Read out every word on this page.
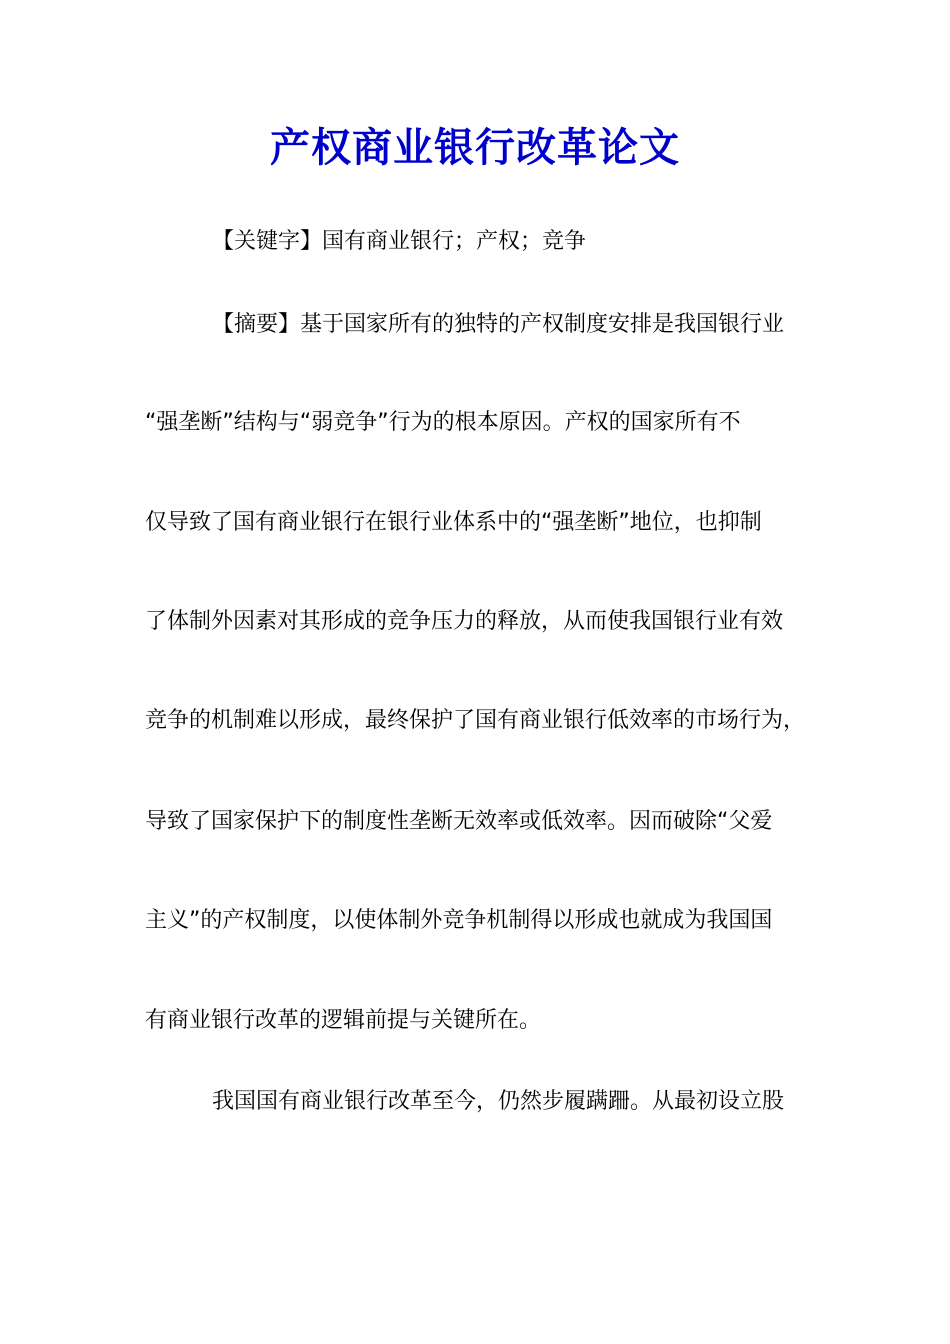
产权商业银行改革论文
【关键字】国有商业银行；产权；竞争
【摘要】基于国家所有的独特的产权制度安排是我国银行业
“强垄断”结构与“弱竞争”行为的根本原因。产权的国家所有不
仅导致了国有商业银行在银行业体系中的“强垄断”地位，也抑制
了体制外因素对其形成的竞争压力的释放，从而使我国银行业有效
竞争的机制难以形成，最终保护了国有商业银行低效率的市场行为，
导致了国家保护下的制度性垄断无效率或低效率。因而破除“父爱
主义”的产权制度，以使体制外竞争机制得以形成也就成为我国国
有商业银行改革的逻辑前提与关键所在。
我国国有商业银行改革至今，仍然步履蹒跚。从最初设立股
